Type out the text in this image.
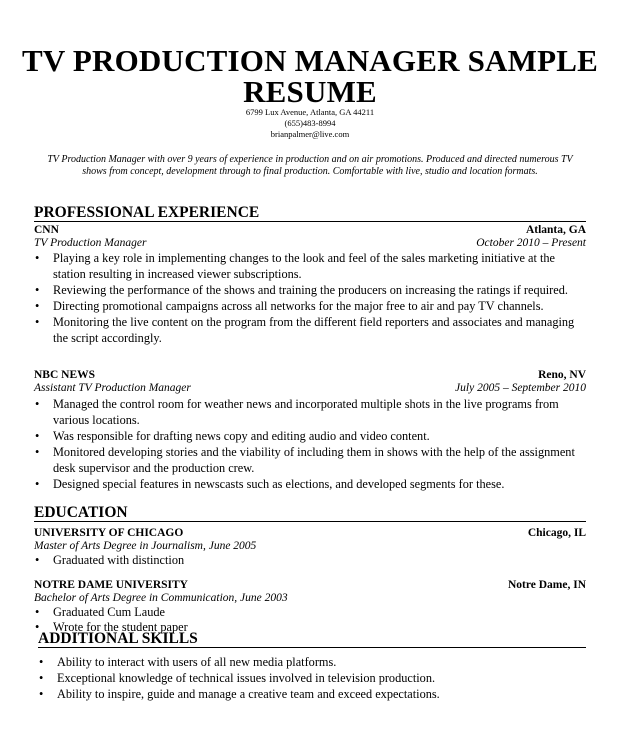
TV PRODUCTION MANAGER SAMPLE
RESUME
6799 Lux Avenue, Atlanta, GA 44211
(655)483-8994
brianpalmer@live.com
TV Production Manager with over 9 years of experience in production and on air promotions. Produced and directed numerous TV shows from concept, development through to final production. Comfortable with live, studio and location formats.
PROFESSIONAL EXPERIENCE
CNN	Atlanta, GA
TV Production Manager	October 2010 – Present
• Playing a key role in implementing changes to the look and feel of the sales marketing initiative at the station resulting in increased viewer subscriptions.
• Reviewing the performance of the shows and training the producers on increasing the ratings if required.
• Directing promotional campaigns across all networks for the major free to air and pay TV channels.
• Monitoring the live content on the program from the different field reporters and associates and managing the script accordingly.
NBC NEWS	Reno, NV
Assistant TV Production Manager	July 2005 – September 2010
• Managed the control room for weather news and incorporated multiple shots in the live programs from various locations.
• Was responsible for drafting news copy and editing audio and video content.
• Monitored developing stories and the viability of including them in shows with the help of the assignment desk supervisor and the production crew.
• Designed special features in newscasts such as elections, and developed segments for these.
EDUCATION
UNIVERSITY OF CHICAGO	Chicago, IL
Master of Arts Degree in Journalism, June 2005
• Graduated with distinction
NOTRE DAME UNIVERSITY	Notre Dame, IN
Bachelor of Arts Degree in Communication, June 2003
• Graduated Cum Laude
• Wrote for the student paper
ADDITIONAL SKILLS
• Ability to interact with users of all new media platforms.
• Exceptional knowledge of technical issues involved in television production.
• Ability to inspire, guide and manage a creative team and exceed expectations.
